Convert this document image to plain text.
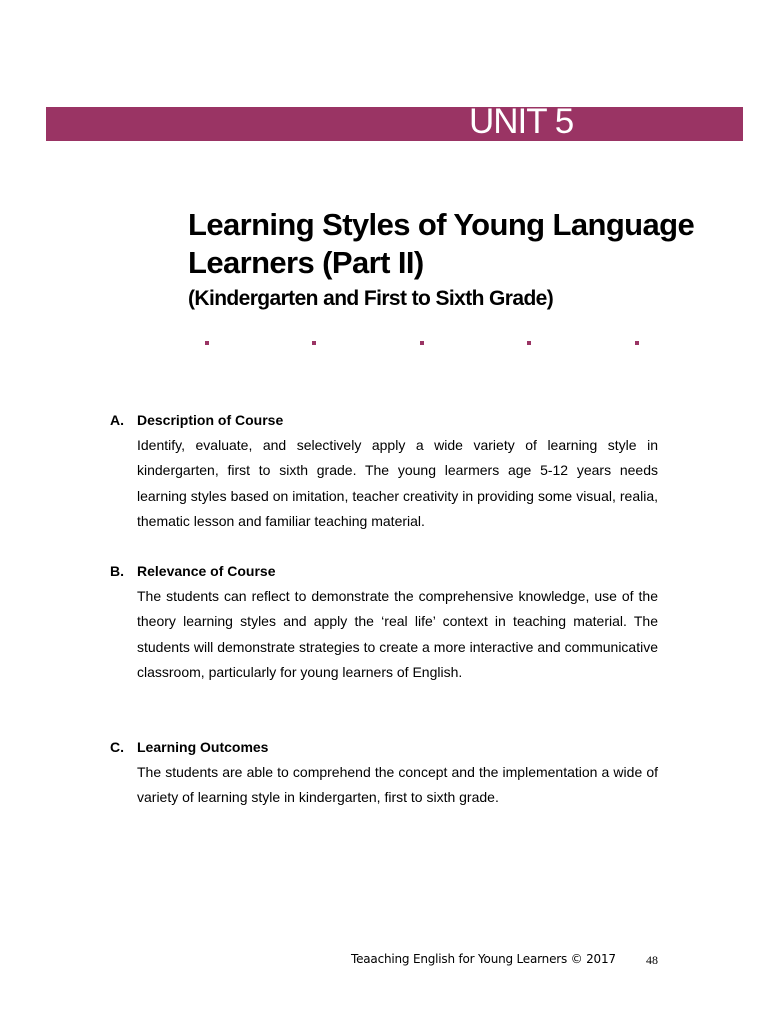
UNIT 5
Learning Styles of Young Language Learners (Part II)
(Kindergarten and First to Sixth Grade)
A. Description of Course

Identify, evaluate, and selectively apply a wide variety of learning style in kindergarten, first to sixth grade. The young learmers age 5-12 years needs learning styles based on imitation, teacher creativity in providing some visual, realia, thematic lesson and familiar teaching material.

B. Relevance of Course

The students can reflect to demonstrate the comprehensive knowledge, use of the theory learning styles and apply the ‘real life’ context in teaching material. The students will demonstrate strategies to create a more interactive and communicative classroom, particularly for young learners of English.

C. Learning Outcomes

The students are able to comprehend the concept and the implementation a wide of variety of learning style in kindergarten, first to sixth grade.

Teaaching English for Young Learners © 2017	48
